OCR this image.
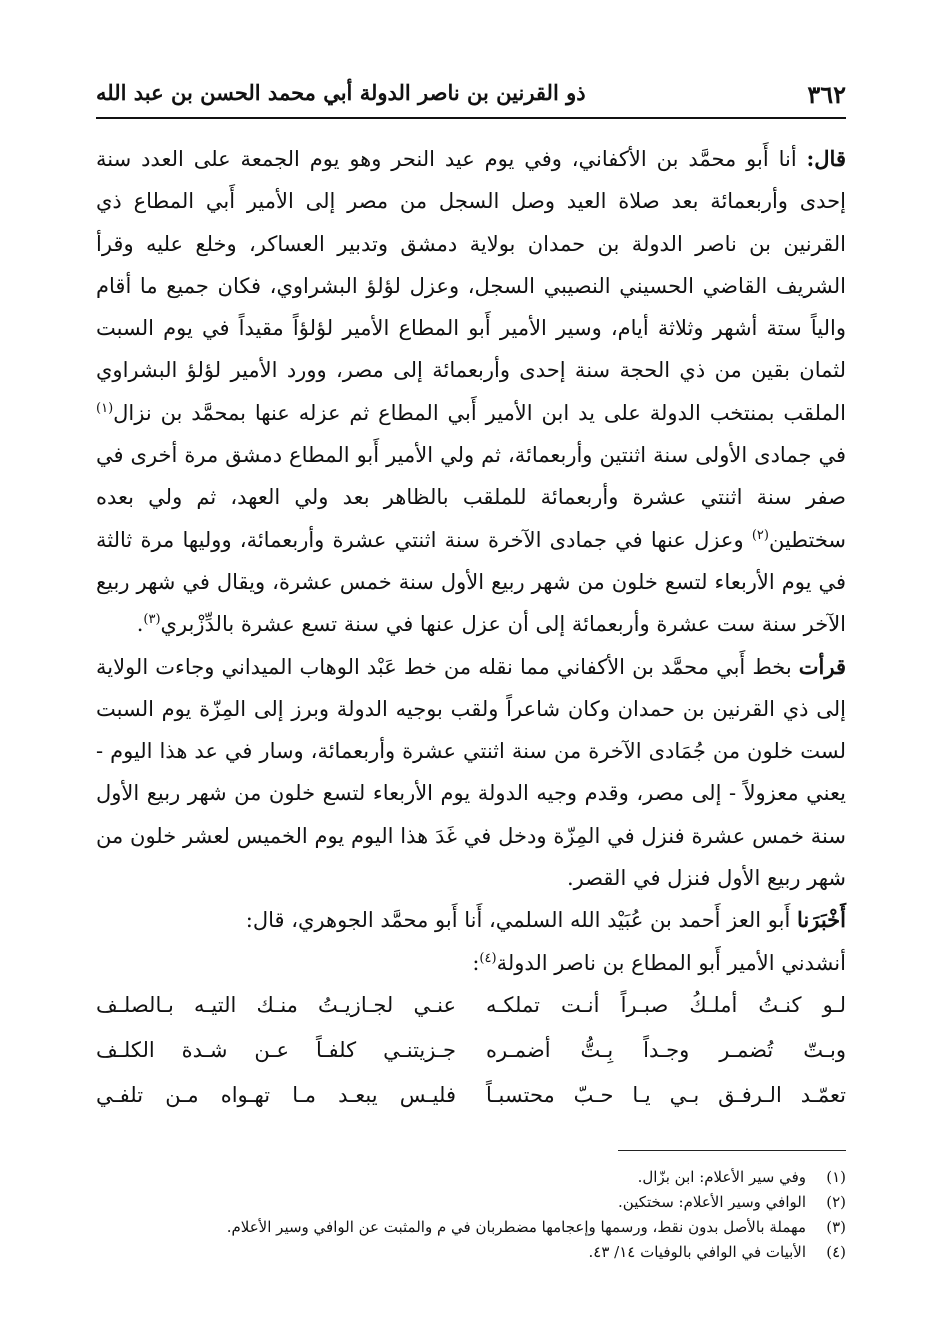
٣٦٢
ذو القرنين بن ناصر الدولة أبي محمد الحسن بن عبد الله

قال: أنا أَبو محمَّد بن الأكفاني، وفي يوم عيد النحر وهو يوم الجمعة على العدد سنة إحدى وأربعمائة بعد صلاة العيد وصل السجل من مصر إلى الأمير أَبي المطاع ذي القرنين بن ناصر الدولة بن حمدان بولاية دمشق وتدبير العساكر، وخلع عليه وقرأ الشريف القاضي الحسيني النصيبي السجل، وعزل لؤلؤ البشراوي، فكان جميع ما أقام والياً ستة أشهر وثلاثة أيام، وسير الأمير أَبو المطاع الأمير لؤلؤاً مقيداً في يوم السبت لثمان بقين من ذي الحجة سنة إحدى وأربعمائة إلى مصر، وورد الأمير لؤلؤ البشراوي الملقب بمنتخب الدولة على يد ابن الأمير أَبي المطاع ثم عزله عنها بمحمَّد بن نزال$^{(١)}$ في جمادى الأولى سنة اثنتين وأربعمائة، ثم ولي الأمير أَبو المطاع دمشق مرة أخرى في صفر سنة اثنتي عشرة وأربعمائة للملقب بالظاهر بعد ولي العهد، ثم ولي بعده سختطين$^{(٢)}$ وعزل عنها في جمادى الآخرة سنة اثنتي عشرة وأربعمائة، ووليها مرة ثالثة في يوم الأربعاء لتسع خلون من شهر ربيع الأول سنة خمس عشرة، ويقال في شهر ربيع الآخر سنة ست عشرة وأربعمائة إلى أن عزل عنها في سنة تسع عشرة بالدِّزْبري$^{(٣)}$.

قرأت بخط أَبي محمَّد بن الأكفاني مما نقله من خط عَبْد الوهاب الميداني وجاءت الولاية إلى ذي القرنين بن حمدان وكان شاعراً ولقب بوجيه الدولة وبرز إلى المِزّة يوم السبت لست خلون من جُمَادى الآخرة من سنة اثنتي عشرة وأربعمائة، وسار في عد هذا اليوم - يعني معزولاً - إلى مصر، وقدم وجيه الدولة يوم الأربعاء لتسع خلون من شهر ربيع الأول سنة خمس عشرة فنزل في المِزّة ودخل في غَدَ هذا اليوم يوم الخميس لعشر خلون من شهر ربيع الأول فنزل في القصر.

أَخْبَرَنا أَبو العز أَحمد بن عُبَيْد الله السلمي، أَنا أَبو محمَّد الجوهري، قال:

أنشدني الأمير أَبو المطاع بن ناصر الدولة$^{(٤)}$:

لـو كنـتُ أملـكُ صبـراً أنـت تملكـه
عنـي لجـازيـتُ منـك التيـه بـالصلـف
وبـتّ تُضمـر وجـداً بِـتُّ أضمـره
جـزيتنـي كلفـاً عـن شـدة الكلـف
تعمّـد الـرفـق بـي يـا حـبّ محتسبـاً
فليـس يبعـد مـا تهـواه مـن تلفـي

(١)
وفي سير الأعلام: ابن بزّال.

(٢)
الوافي وسير الأعلام: سختكين.

(٣)
مهملة بالأصل بدون نقط، ورسمها وإعجامها مضطربان في م والمثبت عن الوافي وسير الأعلام.

(٤)
الأبيات في الوافي بالوفيات ١٤/ ٤٣.
